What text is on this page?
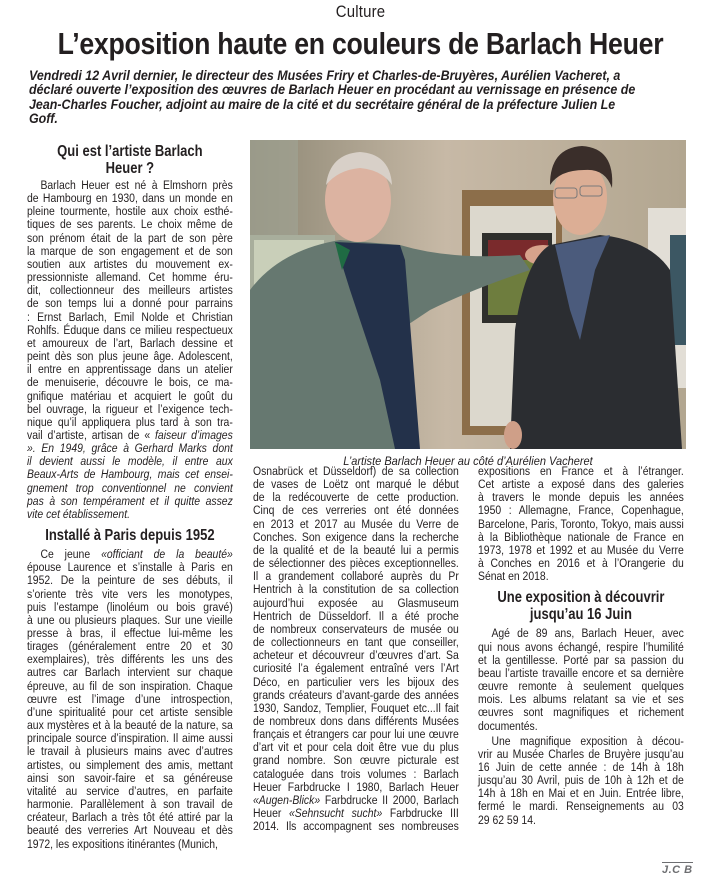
Culture
L’exposition haute en couleurs de Barlach Heuer
Vendredi 12 Avril dernier, le directeur des Musées Friry et Charles-de-Bruyères, Aurélien Vacheret, a
déclaré ouverte l’exposition des œuvres de Barlach Heuer en procédant au vernissage en présence de
Jean-Charles Foucher, adjoint au maire de la cité et du secrétaire général de la préfecture Julien Le
Goff.
Qui est l’artiste Barlach
Heuer ?
Barlach Heuer est né à Elmshorn près
de Hambourg en 1930, dans un monde en
pleine tourmente, hostile aux choix esthé-
tiques de ses parents. Le choix même de
son prénom était de la part de son père
la marque de son engagement et de son
soutien aux artistes du mouvement ex-
pressionniste allemand. Cet homme éru-
dit, collectionneur des meilleurs artistes
de son temps lui a donné pour parrains
: Ernst Barlach, Emil Nolde et Christian
Rohlfs. Éduque dans ce milieu respectueux
et amoureux de l’art, Barlach dessine et
peint dès son plus jeune âge. Adolescent,
il entre en apprentissage dans un atelier
de menuiserie, découvre le bois, ce ma-
gnifique matériau et acquiert le goût du
bel ouvrage, la rigueur et l’exigence tech-
nique qu’il appliquera plus tard à son tra-
vail d’artiste, artisan de « faiseur d’images
». En 1949, grâce à Gerhard Marks dont
il devient aussi le modèle, il entre aux
Beaux-Arts de Hambourg, mais cet ensei-
gnement trop conventionnel ne convient
pas à son tempérament et il quitte assez
vite cet établissement.
Installé à Paris depuis 1952
Ce jeune «officiant de la beauté»
épouse Laurence et s’installe à Paris en
1952. De la peinture de ses débuts, il
s’oriente très vite vers les monotypes,
puis l’estampe (linoléum ou bois gravé)
à une ou plusieurs plaques. Sur une vieille
presse à bras, il effectue lui-même les
tirages (généralement entre 20 et 30
exemplaires), très différents les uns des
autres car Barlach intervient sur chaque
épreuve, au fil de son inspiration. Chaque
œuvre est l’image d’une introspection,
d’une spiritualité pour cet artiste sensible
aux mystères et à la beauté de la nature, sa
principale source d’inspiration. Il aime aussi
le travail à plusieurs mains avec d’autres
artistes, ou simplement des amis, mettant
ainsi son savoir-faire et sa généreuse
vitalité au service d’autres, en parfaite
harmonie. Parallèlement à son travail de
créateur, Barlach a très tôt été attiré par la
beauté des verreries Art Nouveau et dès
1972, les expositions itinérantes (Munich,
L’artiste Barlach Heuer au côté d’Aurélien Vacheret
Osnabrück et Düsseldorf) de sa collection
de vases de Loëtz ont marqué le début
de la redécouverte de cette production.
Cinq de ces verreries ont été données
en 2013 et 2017 au Musée du Verre de
Conches. Son exigence dans la recherche
de la qualité et de la beauté lui a permis
de sélectionner des pièces exceptionnelles.
Il a grandement collaboré auprès du Pr
Hentrich à la constitution de sa collection
aujourd’hui exposée au Glasmuseum
Hentrich de Düsseldorf. Il a été proche
de nombreux conservateurs de musée ou
de collectionneurs en tant que conseiller,
acheteur et découvreur d’œuvres d’art. Sa
curiosité l’a également entraîné vers l’Art
Déco, en particulier vers les bijoux des
grands créateurs d’avant-garde des années
1930, Sandoz, Templier, Fouquet etc...Il fait
de nombreux dons dans différents Musées
français et étrangers car pour lui une œuvre
d’art vit et pour cela doit être vue du plus
grand nombre. Son œuvre picturale est
cataloguée dans trois volumes : Barlach
Heuer Farbdrucke I 1980, Barlach Heuer
«Augen-Blick» Farbdrucke II 2000, Barlach
Heuer «Sehnsucht sucht» Farbdrucke III
2014. Ils accompagnent ses nombreuses
expositions en France et à l’étranger.
Cet artiste a exposé dans des galeries
à travers le monde depuis les années
1950 : Allemagne, France, Copenhague,
Barcelone, Paris, Toronto, Tokyo, mais aussi
à la Bibliothèque nationale de France en
1973, 1978 et 1992 et au Musée du Verre
à Conches en 2016 et à l’Orangerie du
Sénat en 2018.
Une exposition à découvrir
jusqu’au 16 Juin
Agé de 89 ans, Barlach Heuer, avec
qui nous avons échangé, respire l’humilité
et la gentillesse. Porté par sa passion du
beau l’artiste travaille encore et sa dernière
œuvre remonte à seulement quelques
mois. Les albums relatant sa vie et ses
œuvres sont magnifiques et richement
documentés.
Une magnifique exposition à décou-
vrir au Musée Charles de Bruyère jusqu’au
16 Juin de cette année : de 14h à 18h
jusqu’au 30 Avril, puis de 10h à 12h et de
14h à 18h en Mai et en Juin. Entrée libre,
fermé le mardi. Renseignements au 03
29 62 59 14.
J.C B
